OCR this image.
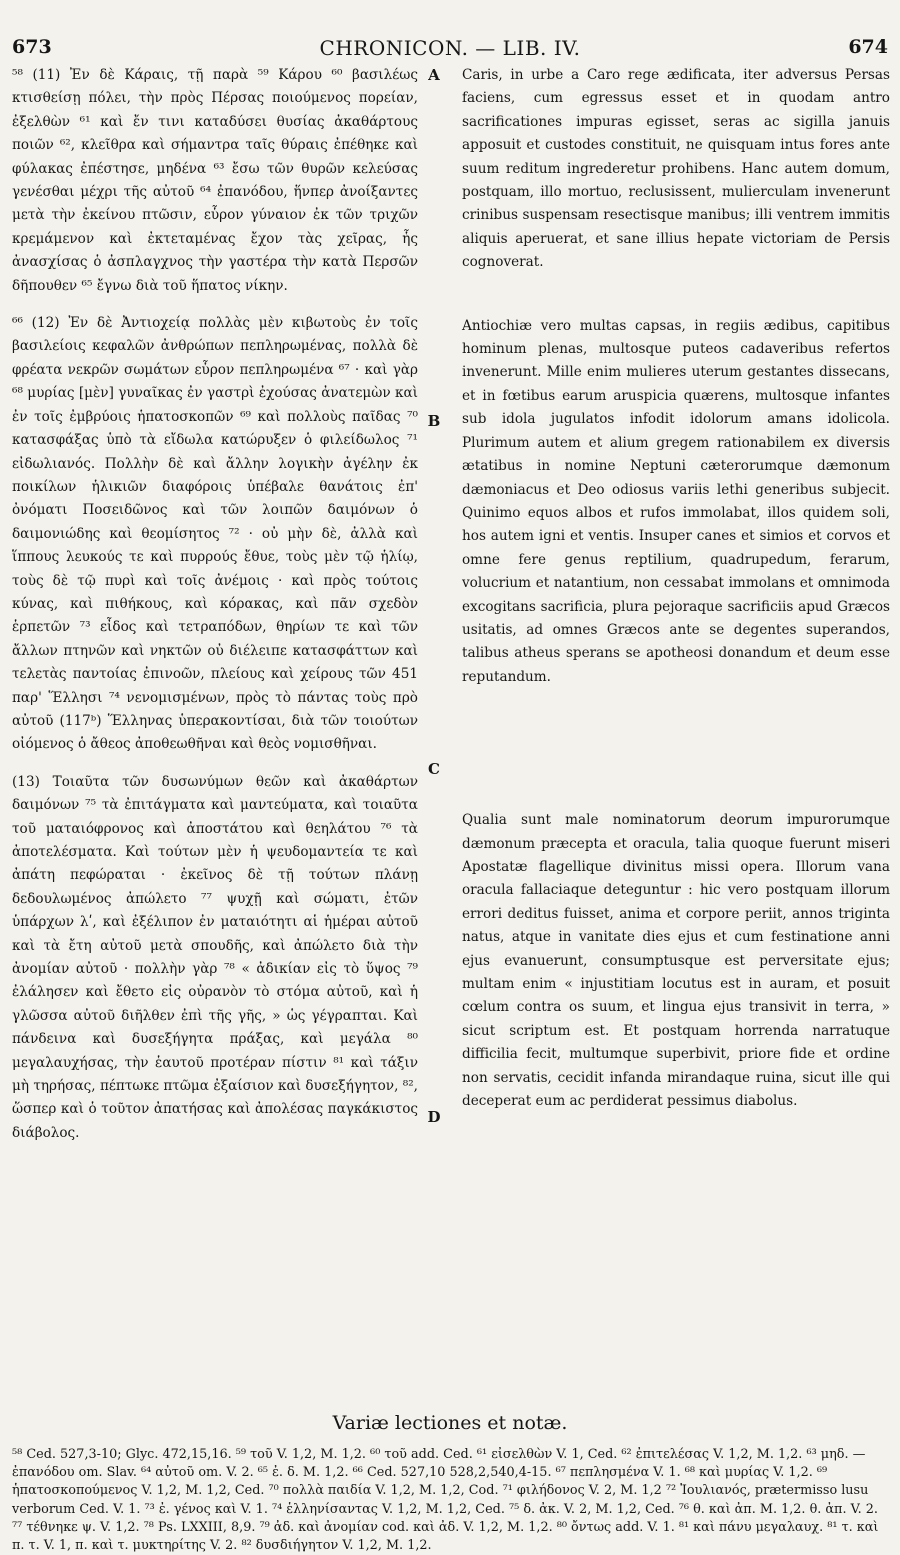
673	CHRONICON. — LIB. IV.	674

⁵⁸ (11) Ἐν δὲ Κάραις, τῇ παρὰ ⁵⁹ Κάρου ⁶⁰ βασιλέως κτισθείσῃ πόλει, τὴν πρὸς Πέρσας ποιούμενος πορείαν, ἐξελθὼν ⁶¹ καὶ ἔν τινι καταδύσει θυσίας ἀκαθάρτους ποιῶν ⁶², κλεῖθρα καὶ σήμαντρα ταῖς θύραις ἐπέθηκε καὶ φύλακας ἐπέστησε, μηδένα ⁶³ ἔσω τῶν θυρῶν κελεύσας γενέσθαι μέχρι τῆς αὐτοῦ ⁶⁴ ἐπανόδου, ἥνπερ ἀνοίξαντες μετὰ τὴν ἐκείνου πτῶσιν, εὗρον γύναιον ἐκ τῶν τριχῶν κρεμάμενον καὶ ἐκτεταμένας ἔχον τὰς χεῖρας, ἧς ἀνασχίσας ὁ ἀσπλαγχνος τὴν γαστέρα τὴν κατὰ Περσῶν δῆπουθεν ⁶⁵ ἔγνω διὰ τοῦ ἥπατος νίκην.

⁶⁶ (12) Ἐν δὲ Ἀντιοχείᾳ πολλὰς μὲν κιβωτοὺς ἐν τοῖς βασιλείοις κεφαλῶν ἀνθρώπων πεπληρωμένας, πολλὰ δὲ φρέατα νεκρῶν σωμάτων εὗρον πεπληρωμένα ⁶⁷ · καὶ γὰρ ⁶⁸ μυρίας [μὲν] γυναῖκας ἐν γαστρὶ ἐχούσας ἀνατεμὼν καὶ ἐν τοῖς ἐμβρύοις ἡπατοσκοπῶν ⁶⁹ καὶ πολλοὺς παῖδας ⁷⁰ κατασφάξας ὑπὸ τὰ εἴδωλα κατώρυξεν ὁ φιλείδωλος ⁷¹ εἰδωλιανός. Πολλὴν δὲ καὶ ἄλλην λογικὴν ἀγέλην ἐκ ποικίλων ἡλικιῶν διαφόροις ὑπέβαλε θανάτοις ἐπ' ὀνόματι Ποσειδῶνος καὶ τῶν λοιπῶν δαιμόνων ὁ δαιμονιώδης καὶ θεομίσητος ⁷² · οὐ μὴν δὲ, ἀλλὰ καὶ ἵππους λευκούς τε καὶ πυρρούς ἔθυε, τοὺς μὲν τῷ ἡλίῳ, τοὺς δὲ τῷ πυρὶ καὶ τοῖς ἀνέμοις · καὶ πρὸς τούτοις κύνας, καὶ πιθήκους, καὶ κόρακας, καὶ πᾶν σχεδὸν ἑρπετῶν ⁷³ εἶδος καὶ τετραπόδων, θηρίων τε καὶ τῶν ἄλλων πτηνῶν καὶ νηκτῶν οὐ διέλειπε κατασφάττων καὶ τελετὰς παντοίας ἐπινοῶν, πλείους καὶ χείρους τῶν 451 παρ' Ἕλλησι ⁷⁴ νενομισμένων, πρὸς τὸ πάντας τοὺς πρὸ αὐτοῦ (117ᵇ) Ἕλληνας ὑπερακοντίσαι, διὰ τῶν τοιούτων οἰόμενος ὁ ἄθεος ἀποθεωθῆναι καὶ θεὸς νομισθῆναι.

(13) Τοιαῦτα τῶν δυσωνύμων θεῶν καὶ ἀκαθάρτων δαιμόνων ⁷⁵ τὰ ἐπιτάγματα καὶ μαντεύματα, καὶ τοιαῦτα τοῦ ματαιόφρονος καὶ ἀποστάτου καὶ θεηλάτου ⁷⁶ τὰ ἀποτελέσματα. Καὶ τούτων μὲν ἡ ψευδομαντεία τε καὶ ἀπάτη πεφώραται · ἐκεῖνος δὲ τῇ τούτων πλάνῃ δεδουλωμένος ἀπώλετο ⁷⁷ ψυχῇ καὶ σώματι, ἐτῶν ὑπάρχων λʹ, καὶ ἐξέλιπον ἐν ματαιότητι αἱ ἡμέραι αὐτοῦ καὶ τὰ ἔτη αὐτοῦ μετὰ σπουδῆς, καὶ ἀπώλετο διὰ τὴν ἀνομίαν αὐτοῦ · πολλὴν γὰρ ⁷⁸ « ἀδικίαν εἰς τὸ ὕψος ⁷⁹ ἐλάλησεν καὶ ἔθετο εἰς οὐρανὸν τὸ στόμα αὐτοῦ, καὶ ἡ γλῶσσα αὐτοῦ διῆλθεν ἐπὶ τῆς γῆς, » ὡς γέγραπται. Καὶ πάνδεινα καὶ δυσεξήγητα πράξας, καὶ μεγάλα ⁸⁰ μεγαλαυχήσας, τὴν ἑαυτοῦ προτέραν πίστιν ⁸¹ καὶ τάξιν μὴ τηρήσας, πέπτωκε πτῶμα ἐξαίσιον καὶ δυσεξήγητον, ⁸², ὥσπερ καὶ ὁ τοῦτον ἀπατήσας καὶ ἀπολέσας παγκάκιστος διάβολος.

A
B
C
D

Caris, in urbe a Caro rege ædificata, iter adversus Persas faciens, cum egressus esset et in quodam antro sacrificationes impuras egisset, seras ac sigilla januis apposuit et custodes constituit, ne quisquam intus fores ante suum reditum ingrederetur prohibens. Hanc autem domum, postquam, illo mortuo, reclusissent, mulierculam invenerunt crinibus suspensam resectisque manibus; illi ventrem immitis aliquis aperuerat, et sane illius hepate victoriam de Persis cognoverat.

Antiochiæ vero multas capsas, in regiis ædibus, capitibus hominum plenas, multosque puteos cadaveribus refertos invenerunt. Mille enim mulieres uterum gestantes dissecans, et in fœtibus earum aruspicia quærens, multosque infantes sub idola jugulatos infodit idolorum amans idolicola. Plurimum autem et alium gregem rationabilem ex diversis ætatibus in nomine Neptuni cæterorumque dæmonum dæmoniacus et Deo odiosus variis lethi generibus subjecit. Quinimo equos albos et rufos immolabat, illos quidem soli, hos autem igni et ventis. Insuper canes et simios et corvos et omne fere genus reptilium, quadrupedum, ferarum, volucrium et natantium, non cessabat immolans et omnimoda excogitans sacrificia, plura pejoraque sacrificiis apud Græcos usitatis, ad omnes Græcos ante se degentes superandos, talibus atheus sperans se apotheosi donandum et deum esse reputandum.

Qualia sunt male nominatorum deorum impurorumque dæmonum præcepta et oracula, talia quoque fuerunt miseri Apostatæ flagellique divinitus missi opera. Illorum vana oracula fallaciaque deteguntur : hic vero postquam illorum errori deditus fuisset, anima et corpore periit, annos triginta natus, atque in vanitate dies ejus et cum festinatione anni ejus evanuerunt, consumptusque est perversitate ejus; multam enim « injustitiam locutus est in auram, et posuit cœlum contra os suum, et lingua ejus transivit in terra, » sicut scriptum est. Et postquam horrenda narratuque difficilia fecit, multumque superbivit, priore fide et ordine non servatis, cecidit infanda mirandaque ruina, sicut ille qui deceperat eum ac perdiderat pessimus diabolus.

Variæ lectiones et notæ.

⁵⁸ Ced. 527,3-10; Glyc. 472,15,16. ⁵⁹ τοῦ V. 1,2, M. 1,2. ⁶⁰ τοῦ add. Ced. ⁶¹ εἰσελθὼν V. 1, Ced. ⁶² ἐπιτελέσας V. 1,2, M. 1,2. ⁶³ μηδ. — ἐπανόδου om. Slav. ⁶⁴ αὐτοῦ om. V. 2. ⁶⁵ ἐ. δ. M. 1,2. ⁶⁶ Ced. 527,10 528,2,540,4-15. ⁶⁷ πεπλησμένα V. 1. ⁶⁸ καὶ μυρίας V. 1,2. ⁶⁹ ἡπατοσκοπούμενος V. 1,2, M. 1,2, Ced. ⁷⁰ πολλὰ παιδία V. 1,2, M. 1,2, Cod. ⁷¹ φιλήδονος V. 2, M. 1,2 ⁷² Ἰουλιανός, prætermisso lusu verborum Ced. V. 1. ⁷³ ἐ. γένος καὶ V. 1. ⁷⁴ ἑλληνίσαντας V. 1,2, M. 1,2, Ced. ⁷⁵ δ. ἀκ. V. 2, M. 1,2, Ced. ⁷⁶ θ. καὶ ἀπ. M. 1,2. θ. ἀπ. V. 2. ⁷⁷ τέθνηκε ψ. V. 1,2. ⁷⁸ Ps. LXXIII, 8,9. ⁷⁹ ἀδ. καὶ ἀνομίαν cod. καὶ ἀδ. V. 1,2, M. 1,2. ⁸⁰ ὄντως add. V. 1. ⁸¹ καὶ πάνυ μεγαλαυχ. ⁸¹ τ. καὶ π. τ. V. 1, π. καὶ τ. μυκτηρίτης V. 2. ⁸² δυσδιήγητον V. 1,2, M. 1,2.
